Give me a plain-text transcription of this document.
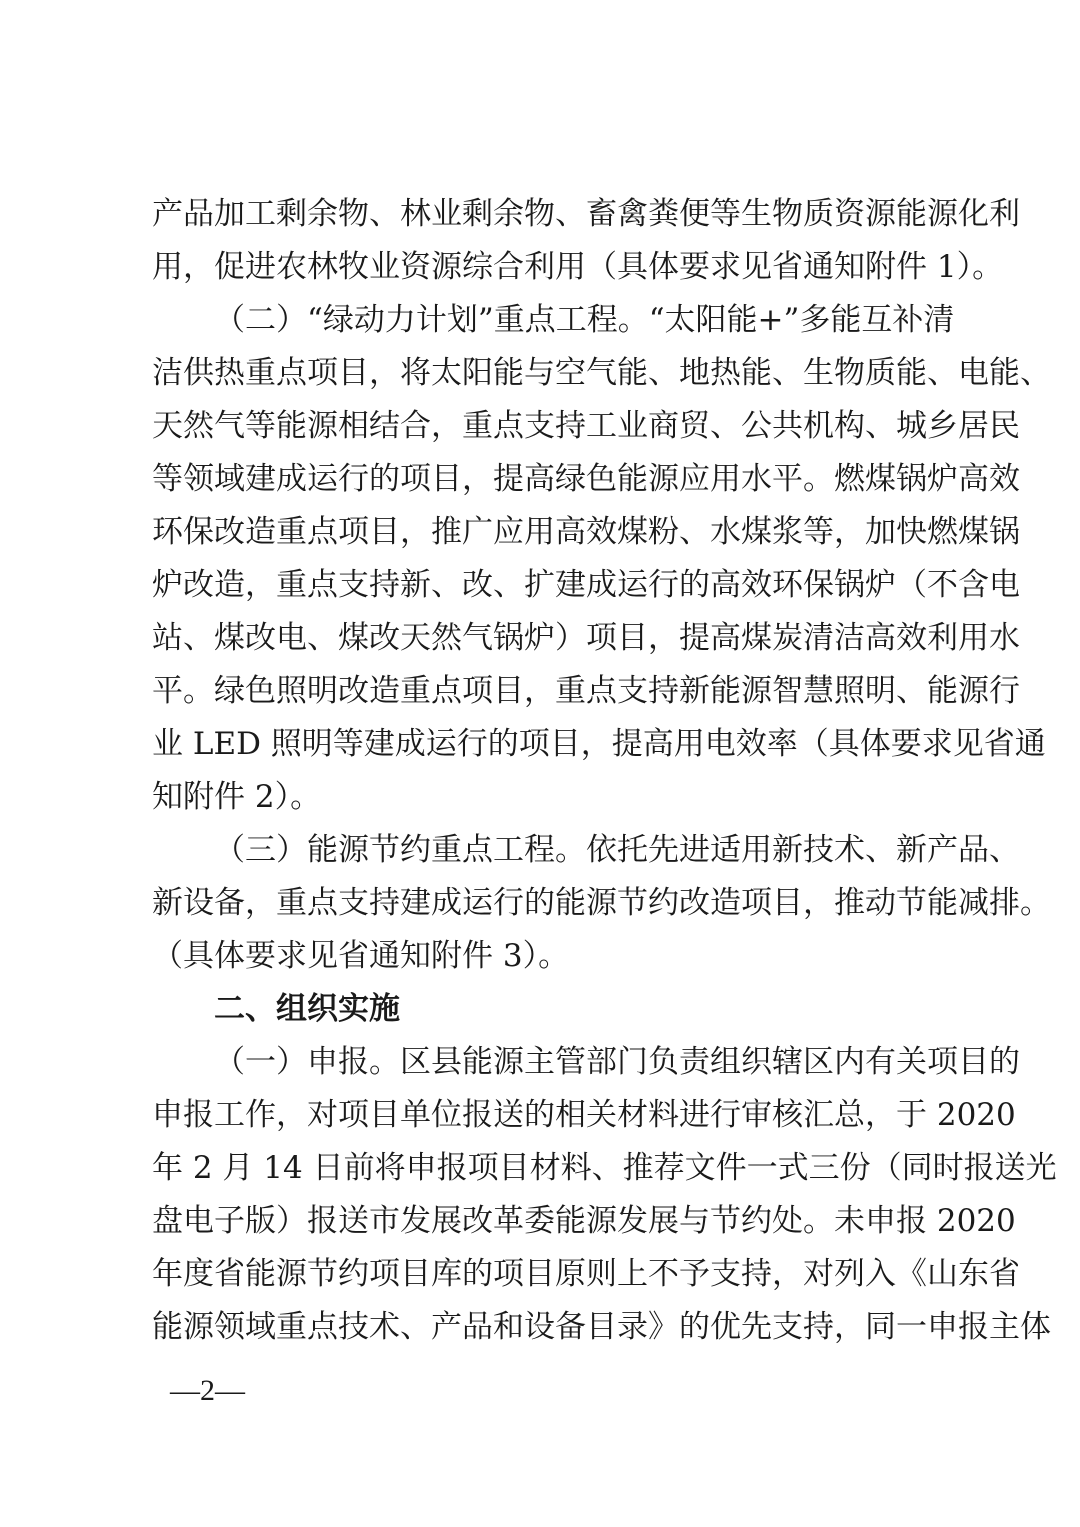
产品加工剩余物、林业剩余物、畜禽粪便等生物质资源能源化利
用，促进农林牧业资源综合利用（具体要求见省通知附件 1）。
（二）“绿动力计划”重点工程。“太阳能+”多能互补清
洁供热重点项目，将太阳能与空气能、地热能、生物质能、电能、
天然气等能源相结合，重点支持工业商贸、公共机构、城乡居民
等领域建成运行的项目，提高绿色能源应用水平。燃煤锅炉高效
环保改造重点项目，推广应用高效煤粉、水煤浆等，加快燃煤锅
炉改造，重点支持新、改、扩建成运行的高效环保锅炉（不含电
站、煤改电、煤改天然气锅炉）项目，提高煤炭清洁高效利用水
平。绿色照明改造重点项目，重点支持新能源智慧照明、能源行
业 LED 照明等建成运行的项目，提高用电效率（具体要求见省通
知附件 2）。
（三）能源节约重点工程。依托先进适用新技术、新产品、
新设备，重点支持建成运行的能源节约改造项目，推动节能减排。
（具体要求见省通知附件 3）。
二、组织实施
（一）申报。区县能源主管部门负责组织辖区内有关项目的
申报工作，对项目单位报送的相关材料进行审核汇总，于 2020
年 2 月 14 日前将申报项目材料、推荐文件一式三份（同时报送光
盘电子版）报送市发展改革委能源发展与节约处。未申报 2020
年度省能源节约项目库的项目原则上不予支持，对列入《山东省
能源领域重点技术、产品和设备目录》的优先支持，同一申报主体
—2—
